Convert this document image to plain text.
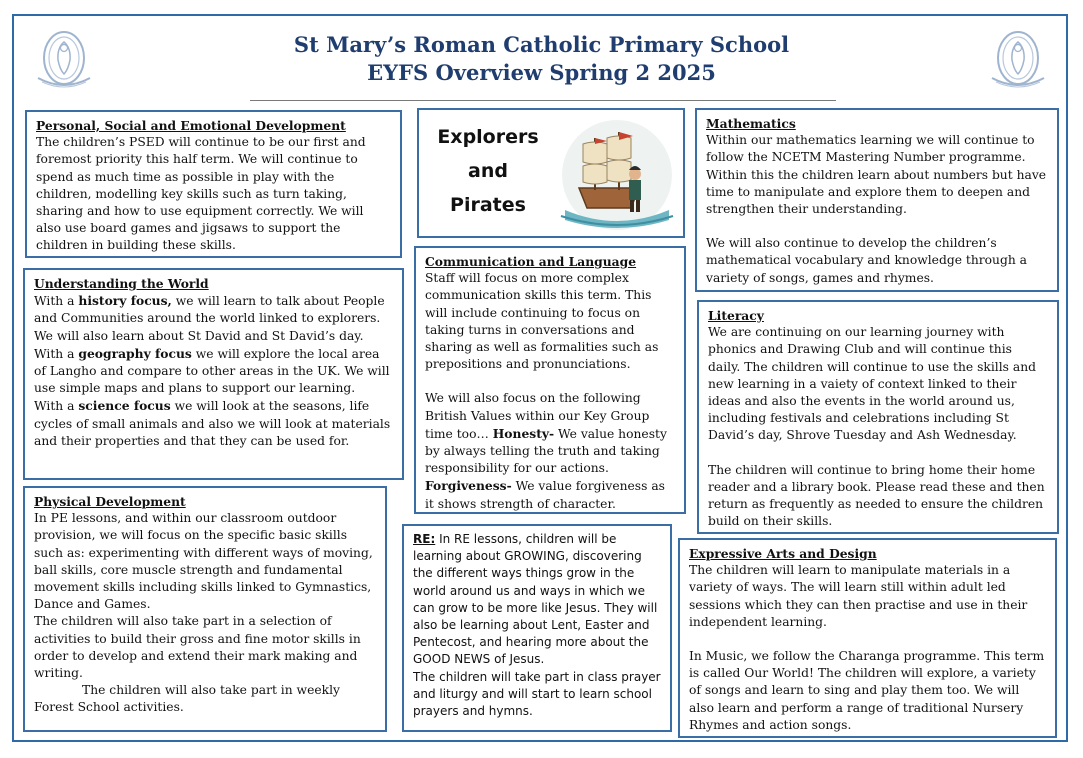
St Mary’s Roman Catholic Primary School
EYFS Overview Spring 2 2025
Explorers
and
Pirates
Personal, Social and Emotional Development

The children’s PSED will continue to be our first and foremost priority this half term. We will continue to spend as much time as possible in play with the children, modelling key skills such as turn taking, sharing and how to use equipment correctly. We will also use board games and jigsaws to support the children in building these skills.

Understanding the World

With a history focus, we will learn to talk about People and Communities around the world linked to explorers. We will also learn about St David and St David’s day.

With a geography focus we will explore the local area of Langho and compare to other areas in the UK. We will use simple maps and plans to support our learning.

With a science focus we will look at the seasons, life cycles of small animals and also we will look at materials and their properties and that they can be used for.

Physical Development

In PE lessons, and within our classroom outdoor provision, we will focus on the specific basic skills such as: experimenting with different ways of moving, ball skills, core muscle strength and fundamental movement skills including skills linked to Gymnastics, Dance and Games.

The children will also take part in a selection of activities to build their gross and fine motor skills in order to develop and extend their mark making and writing.

The children will also take part in weekly Forest School activities.

Communication and Language

Staff will focus on more complex communication skills this term. This will include continuing to focus on taking turns in conversations and sharing as well as formalities such as prepositions and pronunciations.

We will also focus on the following British Values within our Key Group time too… Honesty- We value honesty by always telling the truth and taking responsibility for our actions. Forgiveness- We value forgiveness as it shows strength of character.

RE: In RE lessons, children will be learning about GROWING, discovering the different ways things grow in the world around us and ways in which we can grow to be more like Jesus. They will also be learning about Lent, Easter and Pentecost, and hearing more about the GOOD NEWS of Jesus.

The children will take part in class prayer and liturgy and will start to learn school prayers and hymns.

Mathematics

Within our mathematics learning we will continue to follow the NCETM Mastering Number programme. Within this the children learn about numbers but have time to manipulate and explore them to deepen and strengthen their understanding.

We will also continue to develop the children’s mathematical vocabulary and knowledge through a variety of songs, games and rhymes.

Literacy

We are continuing on our learning journey with phonics and Drawing Club and will continue this daily. The children will continue to use the skills and new learning in a vaiety of context linked to their ideas and also the events in the world around us, including festivals and celebrations including St David’s day, Shrove Tuesday and Ash Wednesday.

The children will continue to bring home their home reader and a library book. Please read these and then return as frequently as needed to ensure the children build on their skills.

Expressive Arts and Design

The children will learn to manipulate materials in a variety of ways. The will learn still within adult led sessions which they can then practise and use in their independent learning.

In Music, we follow the Charanga programme. This term is called Our World! The children will explore, a variety of songs and learn to sing and play them too. We will also learn and perform a range of traditional Nursery Rhymes and action songs.
